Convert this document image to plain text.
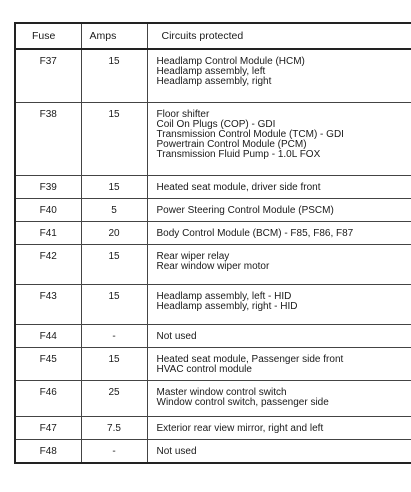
Fuse	Amps	Circuits protected
F37	15	Headlamp Control Module (HCM)
Headlamp assembly, left
Headlamp assembly, right

F38	15	Floor shifter
Coil On Plugs (COP) - GDI
Transmission Control Module (TCM) - GDI
Powertrain Control Module (PCM)
Transmission Fluid Pump - 1.0L FOX

F39	15	Heated seat module, driver side front

F40	5	Power Steering Control Module (PSCM)

F41	20	Body Control Module (BCM) - F85, F86, F87

F42	15	Rear wiper relay
Rear window wiper motor

F43	15	Headlamp assembly, left - HID
Headlamp assembly, right - HID

F44	-	Not used

F45	15	Heated seat module, Passenger side front
HVAC control module

F46	25	Master window control switch
Window control switch, passenger side

F47	7.5	Exterior rear view mirror, right and left

F48	-	Not used
